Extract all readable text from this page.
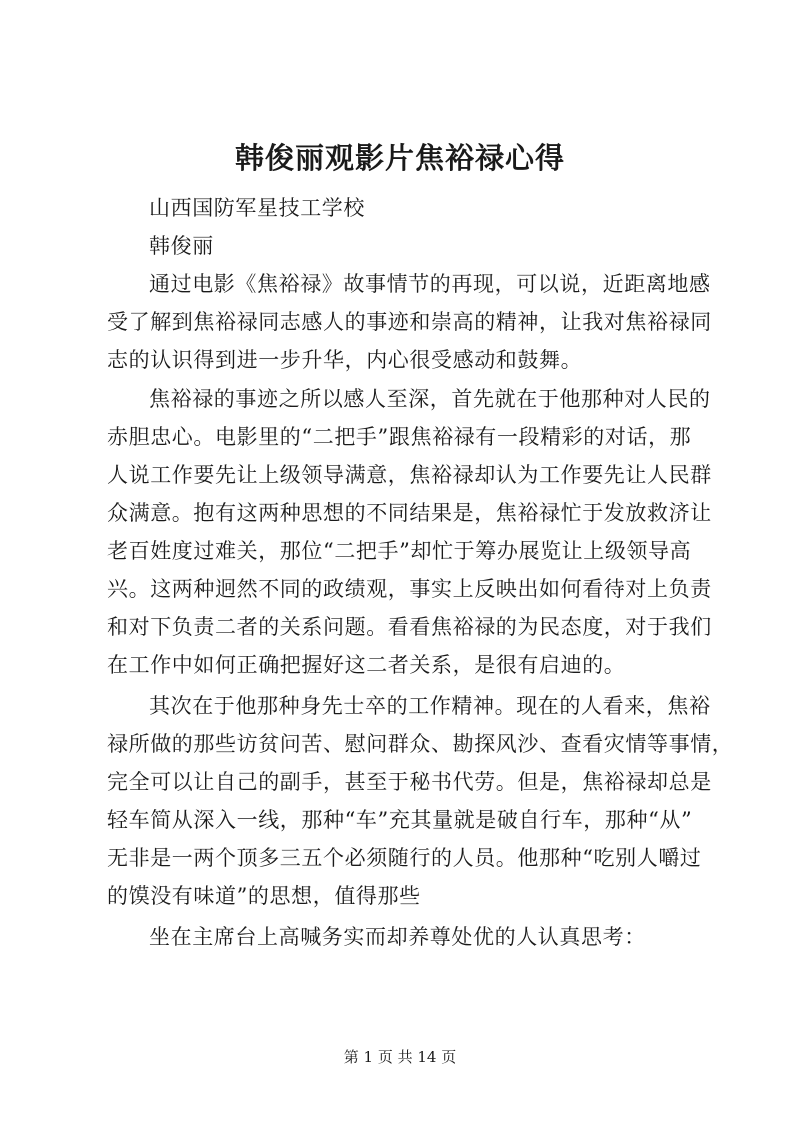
韩俊丽观影片焦裕禄心得
山西国防军星技工学校
韩俊丽
通过电影《焦裕禄》故事情节的再现，可以说，近距离地感
受了解到焦裕禄同志感人的事迹和崇高的精神，让我对焦裕禄同
志的认识得到进一步升华，内心很受感动和鼓舞。
焦裕禄的事迹之所以感人至深，首先就在于他那种对人民的
赤胆忠心。电影里的“二把手”跟焦裕禄有一段精彩的对话，那
人说工作要先让上级领导满意，焦裕禄却认为工作要先让人民群
众满意。抱有这两种思想的不同结果是，焦裕禄忙于发放救济让
老百姓度过难关，那位“二把手”却忙于筹办展览让上级领导高
兴。这两种迥然不同的政绩观，事实上反映出如何看待对上负责
和对下负责二者的关系问题。看看焦裕禄的为民态度，对于我们
在工作中如何正确把握好这二者关系，是很有启迪的。
其次在于他那种身先士卒的工作精神。现在的人看来，焦裕
禄所做的那些访贫问苦、慰问群众、勘探风沙、查看灾情等事情，
完全可以让自己的副手，甚至于秘书代劳。但是，焦裕禄却总是
轻车简从深入一线，那种“车”充其量就是破自行车，那种“从”
无非是一两个顶多三五个必须随行的人员。他那种“吃别人嚼过
的馍没有味道”的思想，值得那些
坐在主席台上高喊务实而却养尊处优的人认真思考：
第 1 页 共 14 页
